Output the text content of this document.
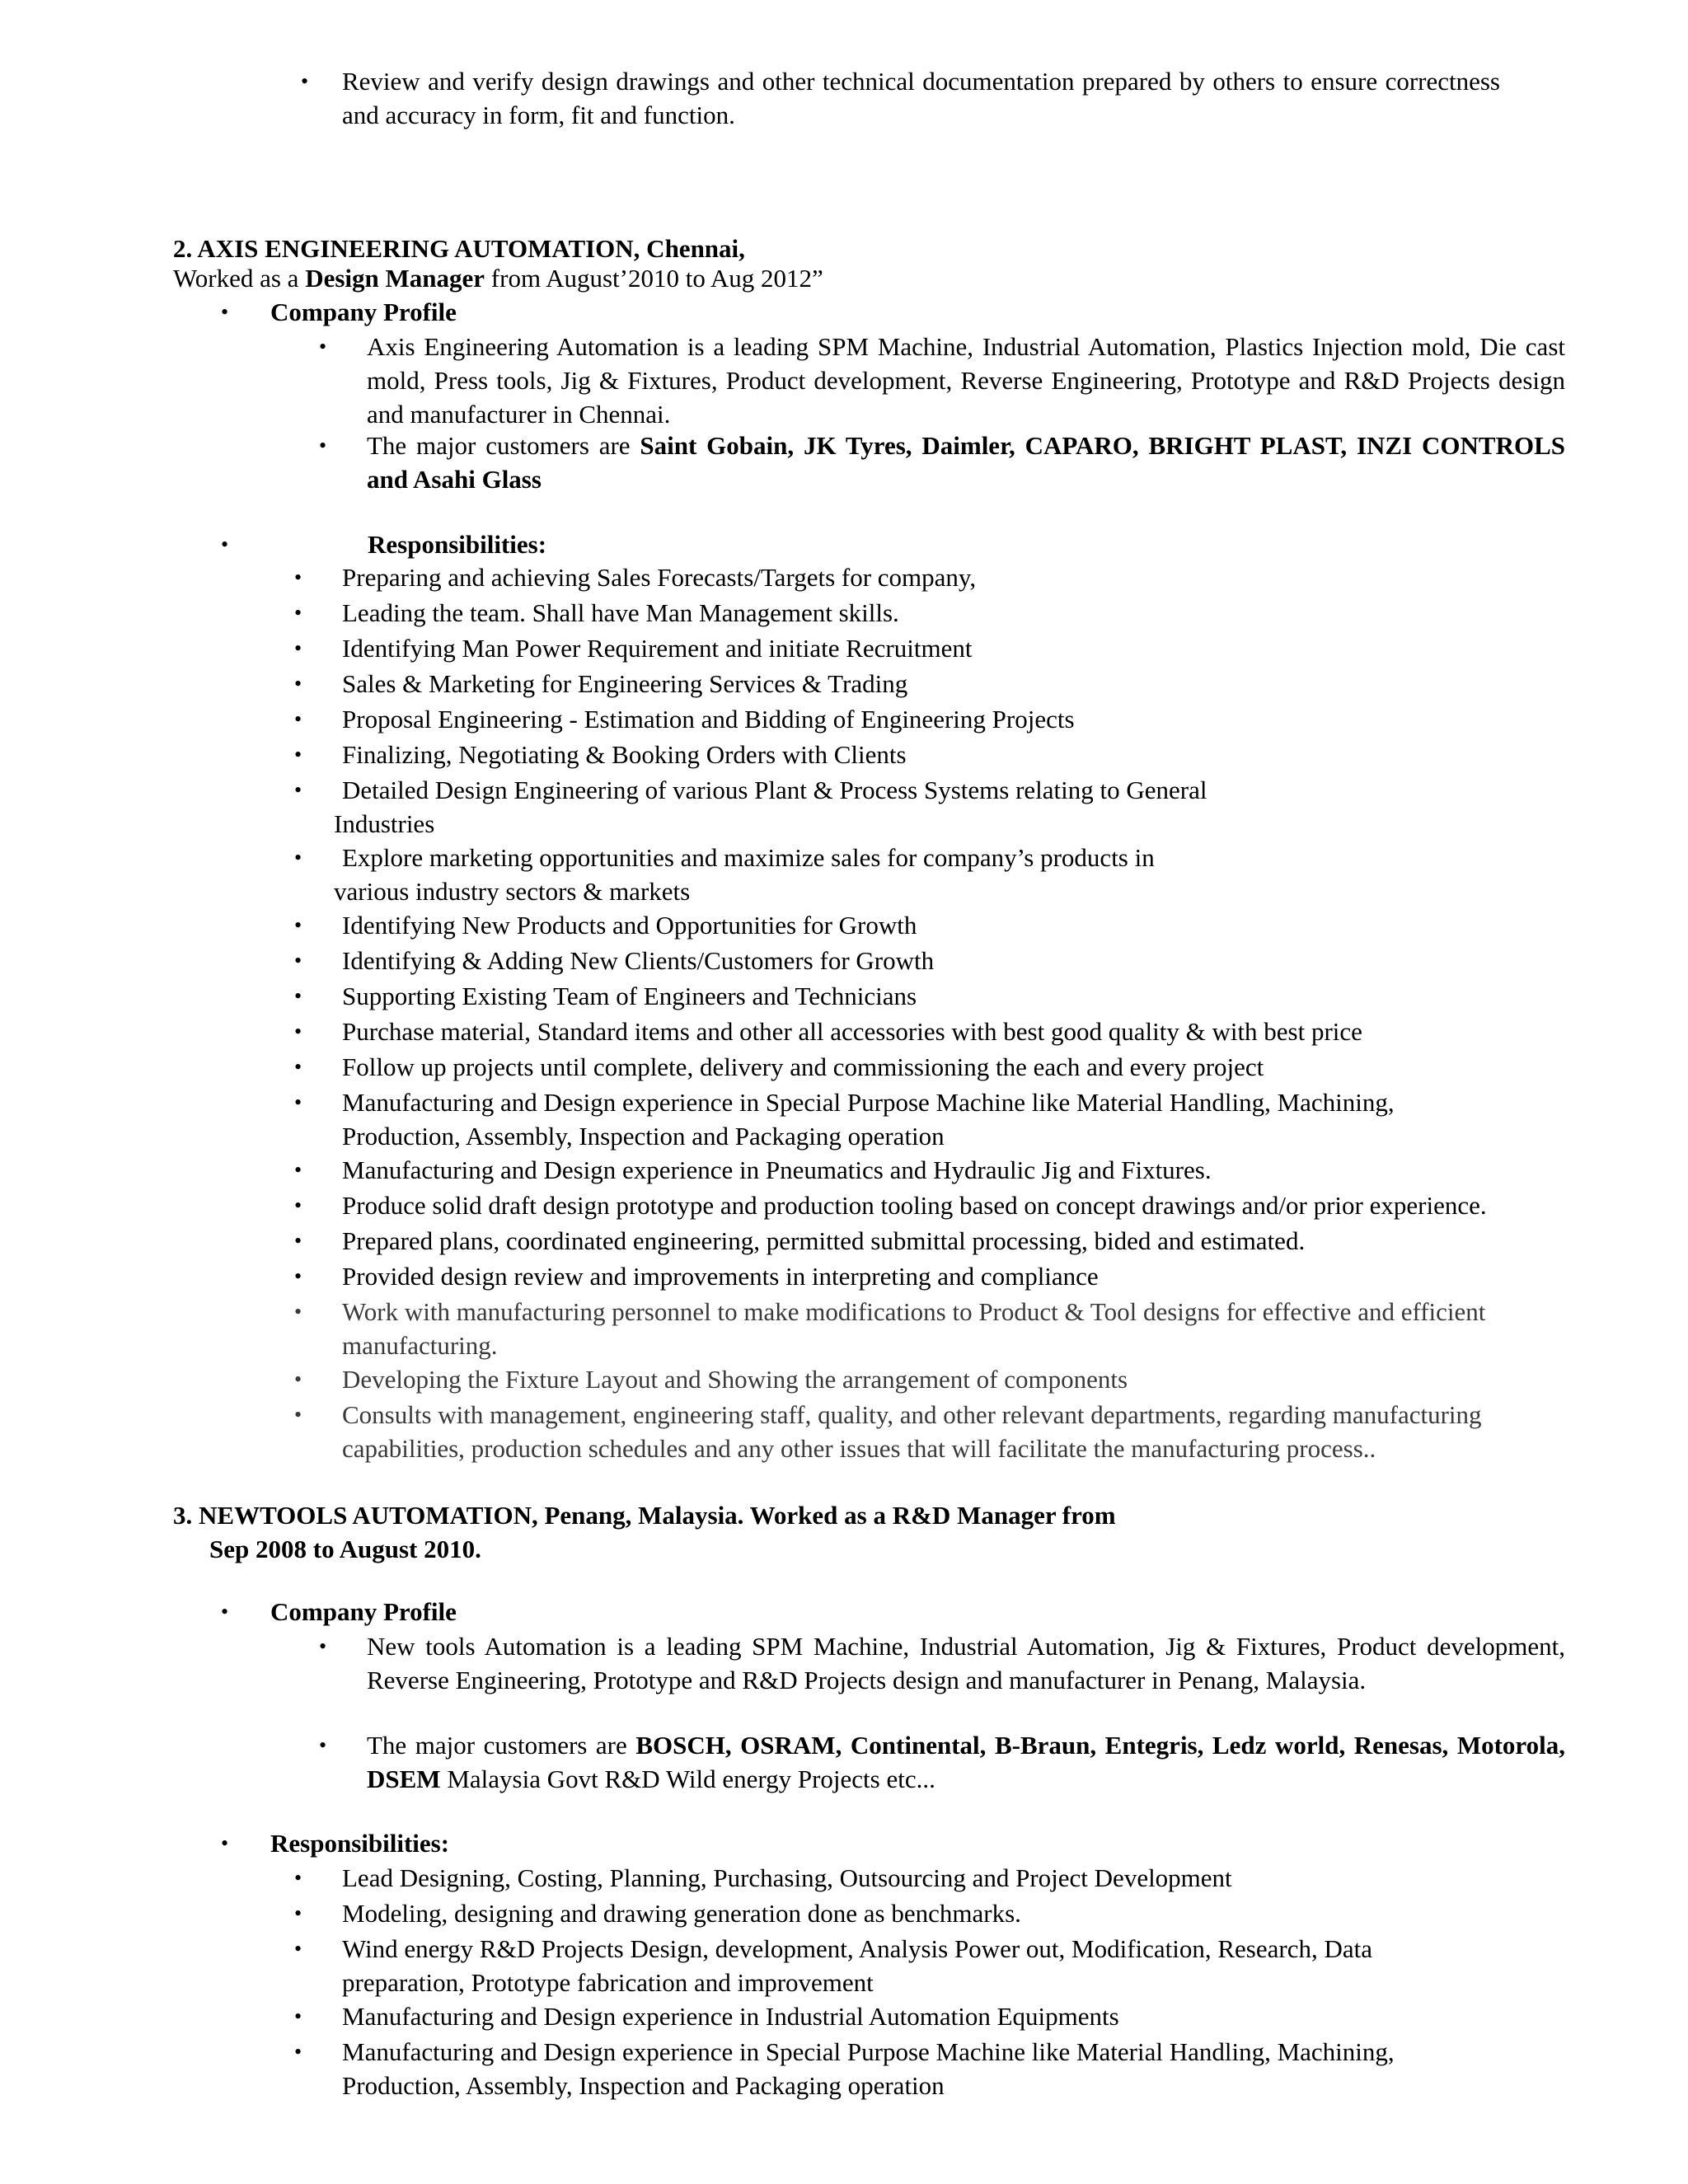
• Review and verify design drawings and other technical documentation prepared by others to ensure correctness and accuracy in form, fit and function.
2. AXIS ENGINEERING AUTOMATION, Chennai,
Worked as a Design Manager from August’2010 to Aug 2012”
• Company Profile
• Axis Engineering Automation is a leading SPM Machine, Industrial Automation, Plastics Injection mold, Die cast mold, Press tools, Jig & Fixtures, Product development, Reverse Engineering, Prototype and R&D Projects design and manufacturer in Chennai.
• The major customers are Saint Gobain, JK Tyres, Daimler, CAPARO, BRIGHT PLAST, INZI CONTROLS and Asahi Glass
•	Responsibilities:
• Preparing and achieving Sales Forecasts/Targets for company,
• Leading the team. Shall have Man Management skills.
• Identifying Man Power Requirement and initiate Recruitment
• Sales & Marketing for Engineering Services & Trading
• Proposal Engineering - Estimation and Bidding of Engineering Projects
• Finalizing, Negotiating & Booking Orders with Clients
• Detailed Design Engineering of various Plant & Process Systems relating to General
Industries
• Explore marketing opportunities and maximize sales for company’s products in
various industry sectors & markets
• Identifying New Products and Opportunities for Growth
• Identifying & Adding New Clients/Customers for Growth
• Supporting Existing Team of Engineers and Technicians
• Purchase material, Standard items and other all accessories with best good quality & with best price
• Follow up projects until complete, delivery and commissioning the each and every project
• Manufacturing and Design experience in Special Purpose Machine like Material Handling, Machining,
Production, Assembly, Inspection and Packaging operation
• Manufacturing and Design experience in Pneumatics and Hydraulic Jig and Fixtures.
• Produce solid draft design prototype and production tooling based on concept drawings and/or prior experience.
• Prepared plans, coordinated engineering, permitted submittal processing, bided and estimated.
• Provided design review and improvements in interpreting and compliance
• Work with manufacturing personnel to make modifications to Product & Tool designs for effective and efficient
manufacturing.
• Developing the Fixture Layout and Showing the arrangement of components
• Consults with management, engineering staff, quality, and other relevant departments, regarding manufacturing
capabilities, production schedules and any other issues that will facilitate the manufacturing process..
3. NEWTOOLS AUTOMATION, Penang, Malaysia. Worked as a R&D Manager from
Sep 2008 to August 2010.
• Company Profile
• New tools Automation is a leading SPM Machine, Industrial Automation, Jig & Fixtures, Product development, Reverse Engineering, Prototype and R&D Projects design and manufacturer in Penang, Malaysia.
• The major customers are BOSCH, OSRAM, Continental, B-Braun, Entegris, Ledz world, Renesas, Motorola, DSEM Malaysia Govt R&D Wild energy Projects etc...
• Responsibilities:
• Lead Designing, Costing, Planning, Purchasing, Outsourcing and Project Development
• Modeling, designing and drawing generation done as benchmarks.
• Wind energy R&D Projects Design, development, Analysis Power out, Modification, Research, Data
preparation, Prototype fabrication and improvement
• Manufacturing and Design experience in Industrial Automation Equipments
• Manufacturing and Design experience in Special Purpose Machine like Material Handling, Machining,
Production, Assembly, Inspection and Packaging operation
